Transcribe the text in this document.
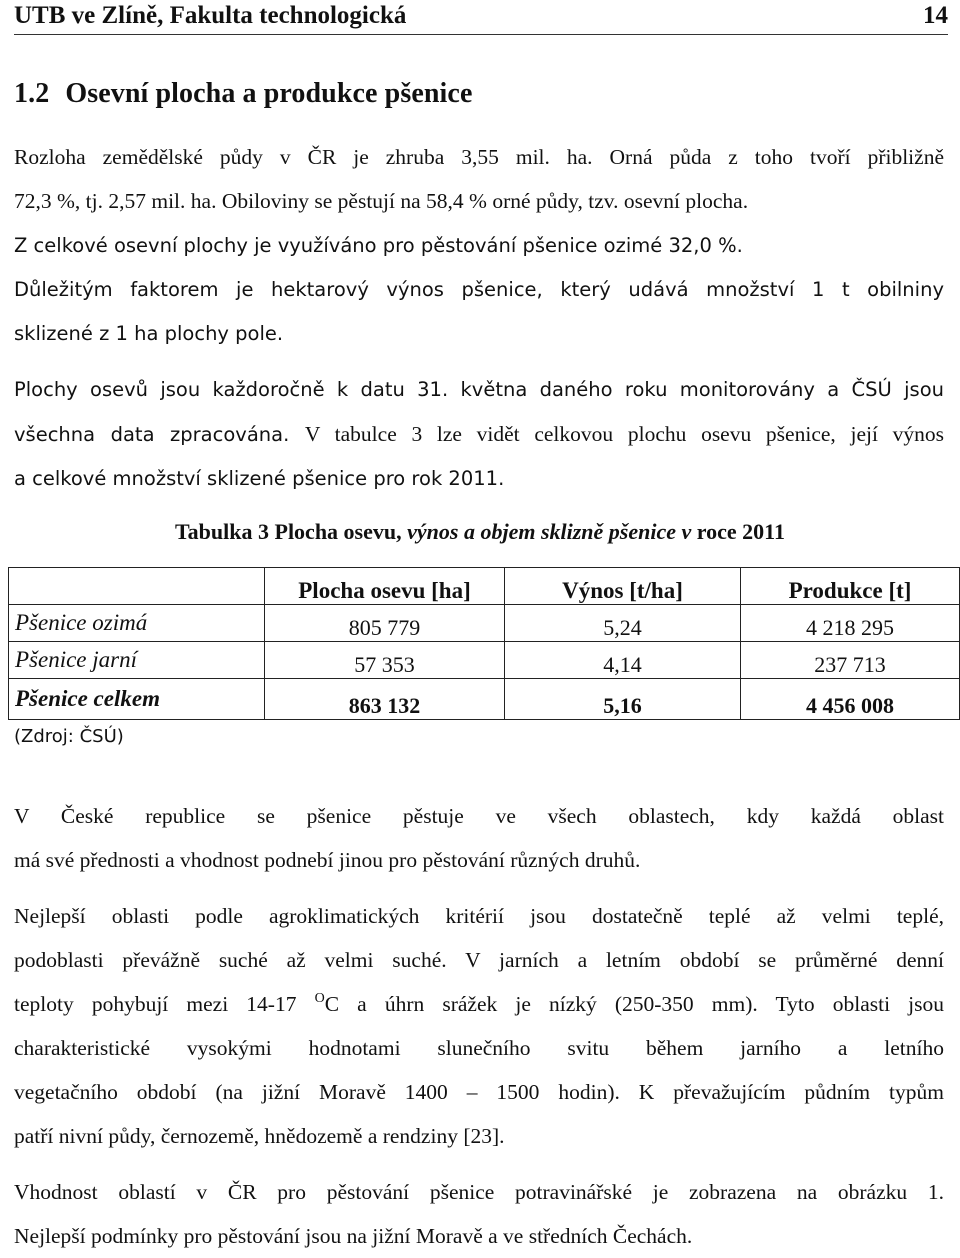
UTB ve Zlíně, Fakulta technologická	14
1.2 Osevní plocha a produkce pšenice
Rozloha zemědělské půdy v ČR je zhruba 3,55 mil. ha. Orná půda z toho tvoří přibližně
72,3 %, tj. 2,57 mil. ha. Obiloviny se pěstují na 58,4 % orné půdy, tzv. osevní plocha.
Z celkové osevní plochy je využíváno pro pěstování pšenice ozimé 32,0 %.
Důležitým faktorem je hektarový výnos pšenice, který udává množství 1 t obilniny
sklizené z 1 ha plochy pole.
Plochy osevů jsou každoročně k datu 31. května daného roku monitorovány a ČSÚ jsou
všechna data zpracována. V tabulce 3 lze vidět celkovou plochu osevu pšenice, její výnos
a celkové množství sklizené pšenice pro rok 2011.
Tabulka 3 Plocha osevu, výnos a objem sklizně pšenice v roce 2011
	Plocha osevu [ha]	Výnos [t/ha]	Produkce [t]
Pšenice ozimá	805 779	5,24	4 218 295
Pšenice jarní	57 353	4,14	237 713
Pšenice celkem	863 132	5,16	4 456 008
(Zdroj: ČSÚ)
V České republice se pšenice pěstuje ve všech oblastech, kdy každá oblast
má své přednosti a vhodnost podnebí jinou pro pěstování různých druhů.
Nejlepší oblasti podle agroklimatických kritérií jsou dostatečně teplé až velmi teplé,
podoblasti převážně suché až velmi suché. V jarních a letním období se průměrné denní
teploty pohybují mezi 14-17 $^O$C a úhrn srážek je nízký (250-350 mm). Tyto oblasti jsou
charakteristické vysokými hodnotami slunečního svitu během jarního a letního
vegetačního období (na jižní Moravě 1400 – 1500 hodin). K převažujícím půdním typům
patří nivní půdy, černozemě, hnědozemě a rendziny [23].
Vhodnost oblastí v ČR pro pěstování pšenice potravinářské je zobrazena na obrázku 1.
Nejlepší podmínky pro pěstování jsou na jižní Moravě a ve středních Čechách.
